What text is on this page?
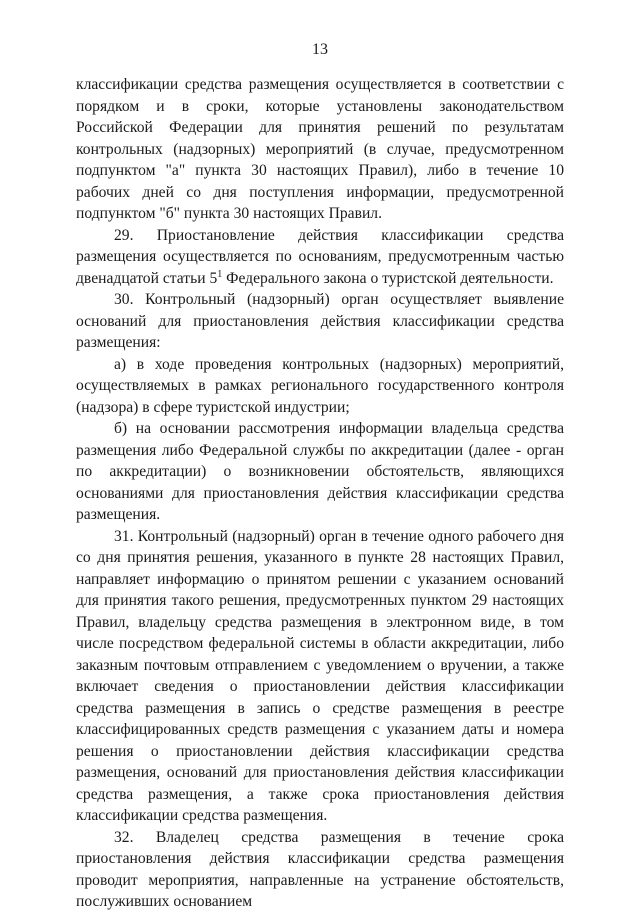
13

классификации средства размещения осуществляется в соответствии с порядком и в сроки, которые установлены законодательством Российской Федерации для принятия решений по результатам контрольных (надзорных) мероприятий (в случае, предусмотренном подпунктом "а" пункта 30 настоящих Правил), либо в течение 10 рабочих дней со дня поступления информации, предусмотренной подпунктом "б" пункта 30 настоящих Правил.

29. Приостановление действия классификации средства размещения осуществляется по основаниям, предусмотренным частью двенадцатой статьи $5^1$ Федерального закона о туристской деятельности.

30. Контрольный (надзорный) орган осуществляет выявление оснований для приостановления действия классификации средства размещения:

а) в ходе проведения контрольных (надзорных) мероприятий, осуществляемых в рамках регионального государственного контроля (надзора) в сфере туристской индустрии;

б) на основании рассмотрения информации владельца средства размещения либо Федеральной службы по аккредитации (далее - орган по аккредитации) о возникновении обстоятельств, являющихся основаниями для приостановления действия классификации средства размещения.

31. Контрольный (надзорный) орган в течение одного рабочего дня со дня принятия решения, указанного в пункте 28 настоящих Правил, направляет информацию о принятом решении с указанием оснований для принятия такого решения, предусмотренных пунктом 29 настоящих Правил, владельцу средства размещения в электронном виде, в том числе посредством федеральной системы в области аккредитации, либо заказным почтовым отправлением с уведомлением о вручении, а также включает сведения о приостановлении действия классификации средства размещения в запись о средстве размещения в реестре классифицированных средств размещения с указанием даты и номера решения о приостановлении действия классификации средства размещения, оснований для приостановления действия классификации средства размещения, а также срока приостановления действия классификации средства размещения.

32. Владелец средства размещения в течение срока приостановления действия классификации средства размещения проводит мероприятия, направленные на устранение обстоятельств, послуживших основанием
